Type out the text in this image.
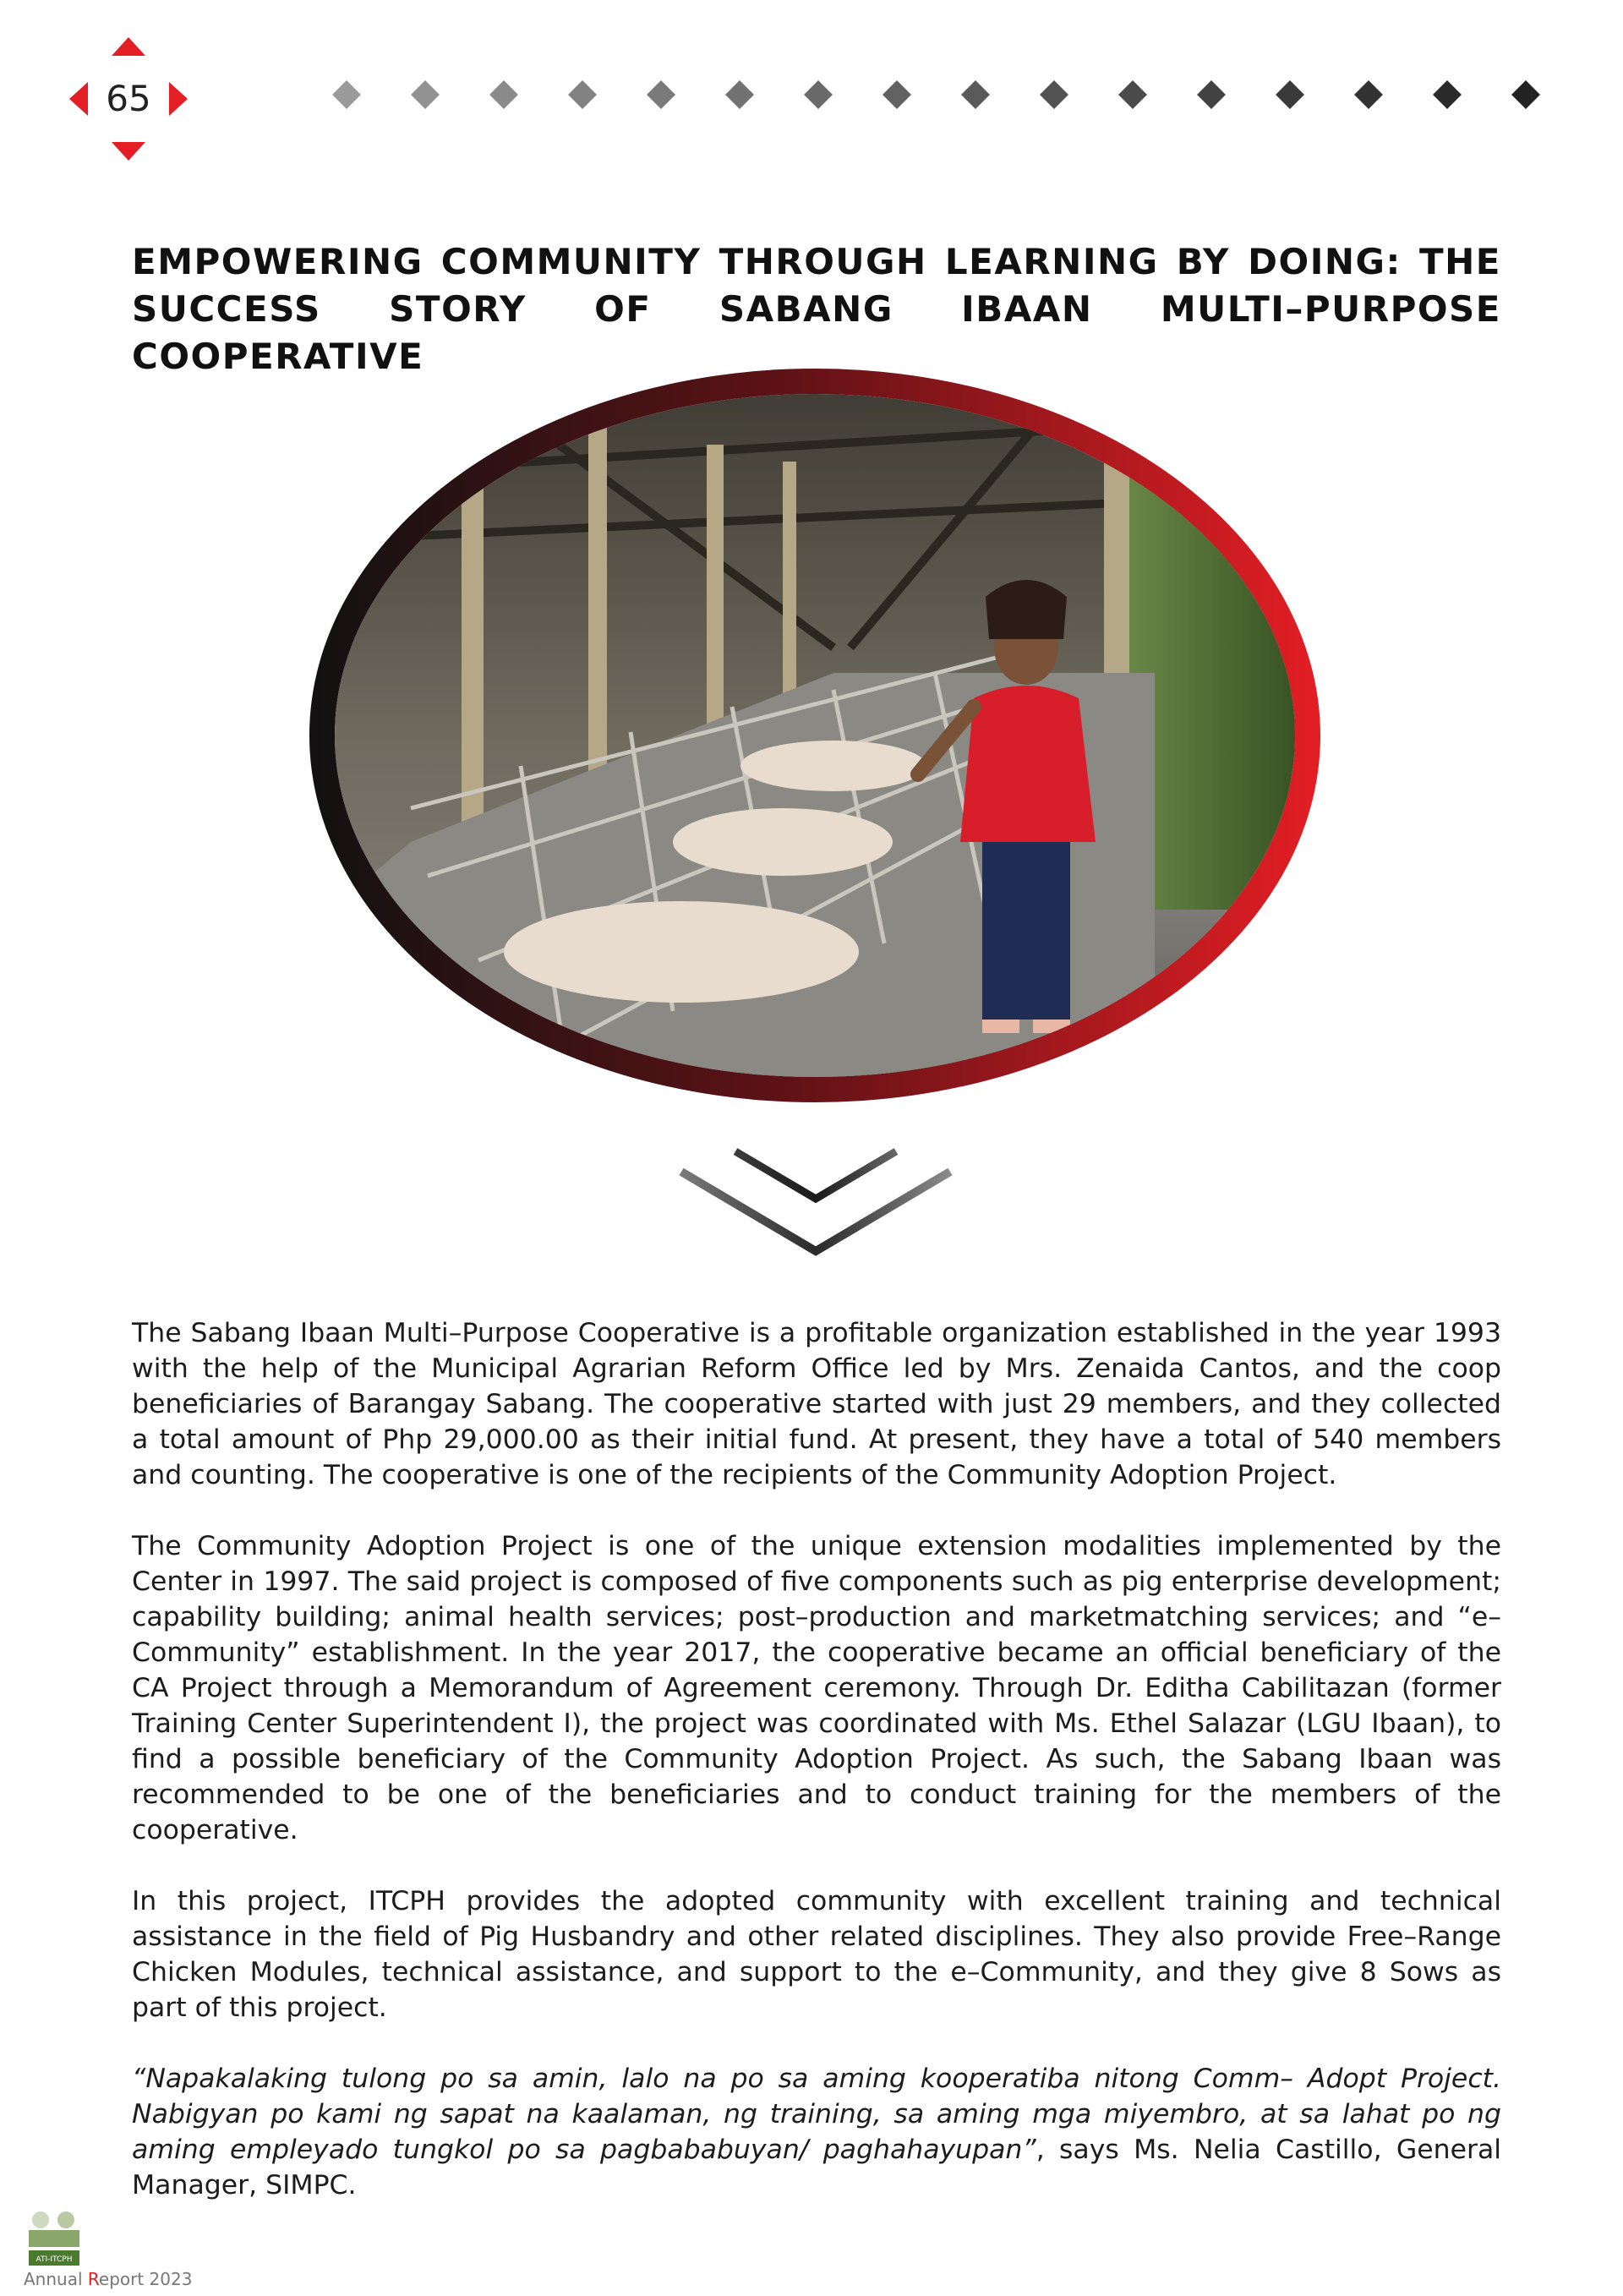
65
EMPOWERING COMMUNITY THROUGH LEARNING BY DOING: THE
SUCCESS STORY OF SABANG IBAAN MULTI–PURPOSE COOPERATIVE

The Sabang Ibaan Multi–Purpose Cooperative is a profitable organization established in the year 1993 with the help of the Municipal Agrarian Reform Office led by Mrs. Zenaida Cantos, and the coop beneficiaries of Barangay Sabang. The cooperative started with just 29 members, and they collected a total amount of Php 29,000.00 as their initial fund. At present, they have a total of 540 members and counting. The cooperative is one of the recipients of the Community Adoption Project.

The Community Adoption Project is one of the unique extension modalities implemented by the Center in 1997. The said project is composed of five components such as pig enterprise development; capability building; animal health services; post–production and marketmatching services; and “e–Community” establishment. In the year 2017, the cooperative became an official beneficiary of the CA Project through a Memorandum of Agreement ceremony. Through Dr. Editha Cabilitazan (former Training Center Superintendent I), the project was coordinated with Ms. Ethel Salazar (LGU Ibaan), to find a possible beneficiary of the Community Adoption Project. As such, the Sabang Ibaan was recommended to be one of the beneficiaries and to conduct training for the members of the cooperative.

In this project, ITCPH provides the adopted community with excellent training and technical assistance in the field of Pig Husbandry and other related disciplines. They also provide Free–Range Chicken Modules, technical assistance, and support to the e–Community, and they give 8 Sows as part of this project.

“Napakalaking tulong po sa amin, lalo na po sa aming kooperatiba nitong Comm– Adopt Project. Nabigyan po kami ng sapat na kaalaman, ng training, sa aming mga miyembro, at sa lahat po ng aming empleyado tungkol po sa pagbababuyan/ paghahayupan”, says Ms. Nelia Castillo, General Manager, SIMPC.

ATI-ITCPH
Annual Report 2023
